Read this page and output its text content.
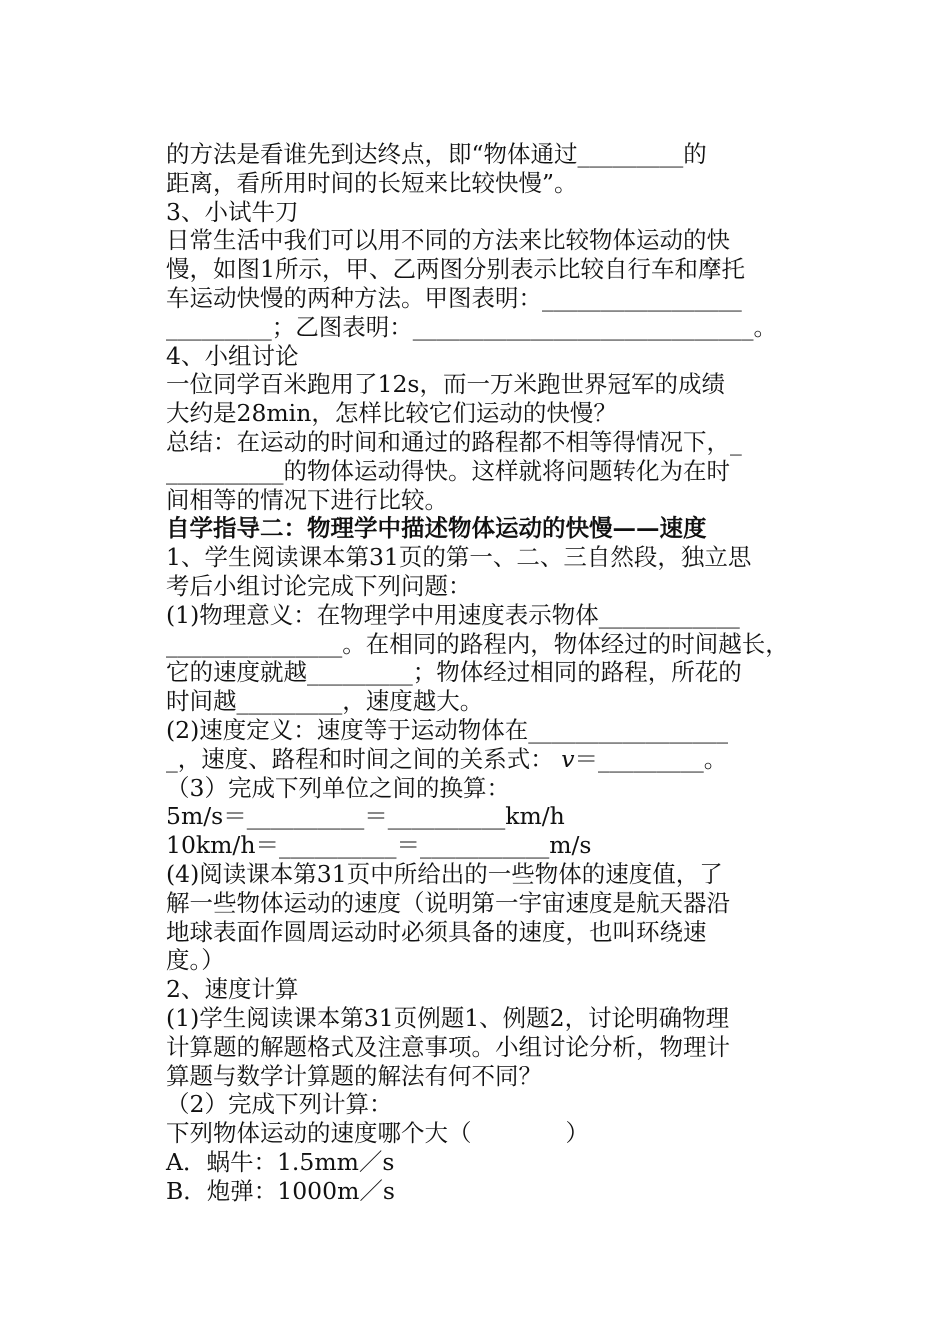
的方法是看谁先到达终点，即“物体通过_________的
距离，看所用时间的长短来比较快慢”。
3、小试牛刀
日常生活中我们可以用不同的方法来比较物体运动的快
慢，如图1所示，甲、乙两图分别表示比较自行车和摩托
车运动快慢的两种方法。甲图表明：_________________
_________；乙图表明：_____________________________。
4、小组讨论
一位同学百米跑用了12s，而一万米跑世界冠军的成绩
大约是28min，怎样比较它们运动的快慢？
总结：在运动的时间和通过的路程都不相等得情况下，_
__________的物体运动得快。这样就将问题转化为在时
间相等的情况下进行比较。
自学指导二：物理学中描述物体运动的快慢——速度
1、学生阅读课本第31页的第一、二、三自然段，独立思
考后小组讨论完成下列问题：
(1)物理意义：在物理学中用速度表示物体____________
_______________。在相同的路程内，物体经过的时间越长，
它的速度就越_________；物体经过相同的路程，所花的
时间越_________，速度越大。
(2)速度定义：速度等于运动物体在_________________
_，速度、路程和时间之间的关系式： v＝_________。
（3）完成下列单位之间的换算：
5m/s＝__________＝__________km/h
10km/h＝__________＝___________m/s
(4)阅读课本第31页中所给出的一些物体的速度值，了
解一些物体运动的速度（说明第一宇宙速度是航天器沿
地球表面作圆周运动时必须具备的速度，也叫环绕速
度。）
2、速度计算
(1)学生阅读课本第31页例题1、例题2，讨论明确物理
计算题的解题格式及注意事项。小组讨论分析，物理计
算题与数学计算题的解法有何不同？
（2）完成下列计算：
下列物体运动的速度哪个大（　　　　）
A．蜗牛：1.5mm／s
B．炮弹：1000m／s
